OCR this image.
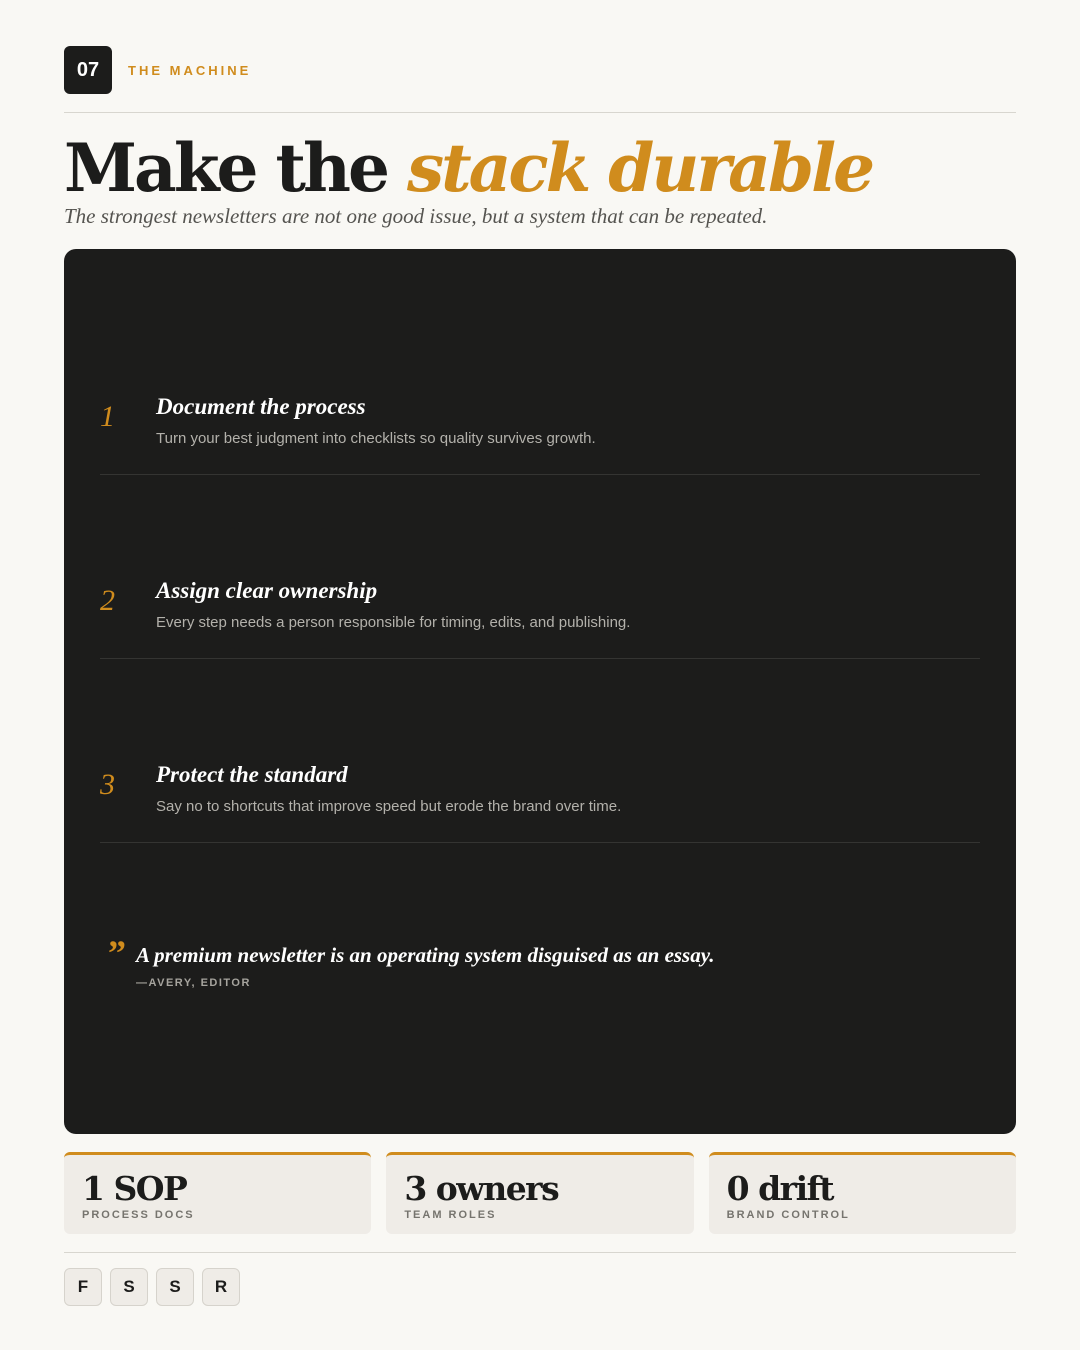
07	THE MACHINE
Make the stack durable

The strongest newsletters are not one good issue, but a system that can be repeated.

1 Document the process
Turn your best judgment into checklists so quality survives growth.
2 Assign clear ownership
Every step needs a person responsible for timing, edits, and publishing.
3 Protect the standard
Say no to shortcuts that improve speed but erode the brand over time.
” A premium newsletter is an operating system disguised as an essay.
—AVERY, EDITOR
1 SOP
PROCESS DOCS
3 owners
TEAM ROLES
0 drift
BRAND CONTROL
F	S	S	R
